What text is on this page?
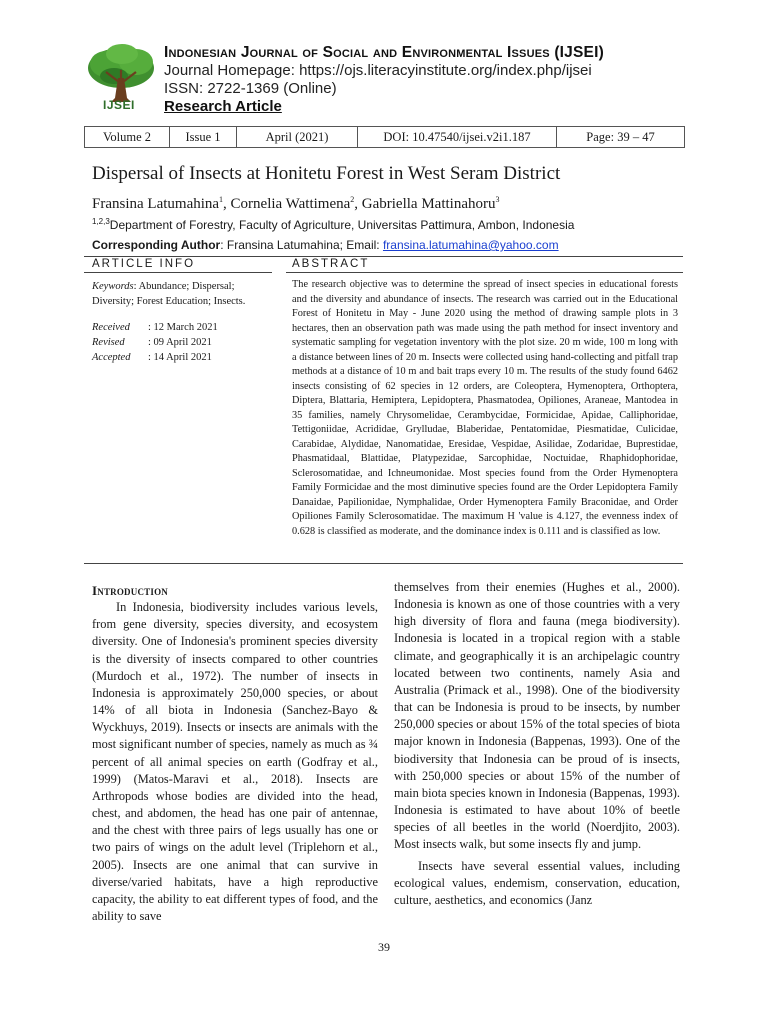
IJSEI
Indonesian Journal of Social and Environmental Issues (IJSEI)
Journal Homepage: https://ojs.literacyinstitute.org/index.php/ijsei
ISSN: 2722-1369 (Online)
Research Article
Volume 2	Issue 1	April (2021)	DOI: 10.47540/ijsei.v2i1.187	Page: 39 – 47
Dispersal of Insects at Honitetu Forest in West Seram District
Fransina Latumahina$^1$, Cornelia Wattimena$^2$, Gabriella Mattinahoru$^3$
$^{1,2,3}$Department of Forestry, Faculty of Agriculture, Universitas Pattimura, Ambon, Indonesia
Corresponding Author: Fransina Latumahina; Email: fransina.latumahina@yahoo.com
ARTICLE INFO	ABSTRACT
Keywords: Abundance; Dispersal; Diversity; Forest Education; Insects.
Received	: 12 March 2021
Revised	: 09 April 2021
Accepted	: 14 April 2021
The research objective was to determine the spread of insect species in educational forests and the diversity and abundance of insects. The research was carried out in the Educational Forest of Honitetu in May - June 2020 using the method of drawing sample plots in 3 hectares, then an observation path was made using the path method for insect inventory and systematic sampling for vegetation inventory with the plot size. 20 m wide, 100 m long with a distance between lines of 20 m. Insects were collected using hand-collecting and pitfall trap methods at a distance of 10 m and bait traps every 10 m. The results of the study found 6462 insects consisting of 62 species in 12 orders, are Coleoptera, Hymenoptera, Orthoptera, Diptera, Blattaria, Hemiptera, Lepidoptera, Phasmatodea, Opiliones, Araneae, Mantodea in 35 families, namely Chrysomelidae, Cerambycidae, Formicidae, Apidae, Calliphoridae, Tettigoniidae, Acrididae, Grylludae, Blaberidae, Pentatomidae, Piesmatidae, Culicidae, Carabidae, Alydidae, Nanomatidae, Eresidae, Vespidae, Asilidae, Zodaridae, Buprestidae, Phasmatidaal, Blattidae, Platypezidae, Sarcophidae, Noctuidae, Rhaphidophoridae, Sclerosomatidae, and Ichneumonidae. Most species found from the Order Hymenoptera Family Formicidae and the most diminutive species found are the Order Lepidoptera Family Danaidae, Papilionidae, Nymphalidae, Order Hymenoptera Family Braconidae, and Order Opiliones Family Sclerosomatidae. The maximum H 'value is 4.127, the evenness index of 0.628 is classified as moderate, and the dominance index is 0.111 and is classified as low.

Introduction

In Indonesia, biodiversity includes various levels, from gene diversity, species diversity, and ecosystem diversity. One of Indonesia's prominent species diversity is the diversity of insects compared to other countries (Murdoch et al., 1972). The number of insects in Indonesia is approximately 250,000 species, or about 14% of all biota in Indonesia (Sanchez-Bayo & Wyckhuys, 2019). Insects or insects are animals with the most significant number of species, namely as much as ¾ percent of all animal species on earth (Godfray et al., 1999) (Matos-Maravi et al., 2018). Insects are Arthropods whose bodies are divided into the head, chest, and abdomen, the head has one pair of antennae, and the chest with three pairs of legs usually has one or two pairs of wings on the adult level (Triplehorn et al., 2005). Insects are one animal that can survive in diverse/varied habitats, have a high reproductive capacity, the ability to eat different types of food, and the ability to save

themselves from their enemies (Hughes et al., 2000). Indonesia is known as one of those countries with a very high diversity of flora and fauna (mega biodiversity). Indonesia is located in a tropical region with a stable climate, and geographically it is an archipelagic country located between two continents, namely Asia and Australia (Primack et al., 1998). One of the biodiversity that can be Indonesia is proud to be insects, by number 250,000 species or about 15% of the total species of biota major known in Indonesia (Bappenas, 1993). One of the biodiversity that Indonesia can be proud of is insects, with 250,000 species or about 15% of the number of main biota species known in Indonesia (Bappenas, 1993). Indonesia is estimated to have about 10% of beetle species of all beetles in the world (Noerdjito, 2003). Most insects walk, but some insects fly and jump.

Insects have several essential values, including ecological values, endemism, conservation, education, culture, aesthetics, and economics (Janz

39
